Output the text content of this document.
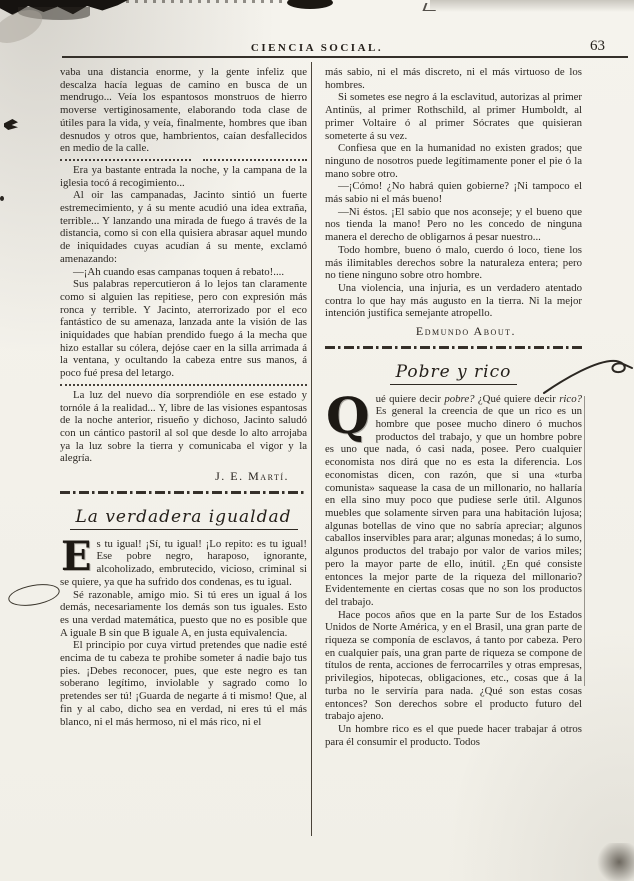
CIENCIA SOCIAL.	63

vaba una distancia enorme, y la gente infeliz que descalza hacía leguas de camino en busca de un mendrugo... Veía los espantosos monstruos de hierro moverse vertiginosamente, elaborando toda clase de útiles para la vida, y veía, finalmente, hombres que iban desnudos y otros que, hambrientos, caían desfallecidos en medio de la calle.

Era ya bastante entrada la noche, y la campana de la iglesia tocó á recogimiento...

Al oir las campanadas, Jacinto sintió un fuerte estremecimiento, y á su mente acudió una idea extraña, terrible... Y lanzando una mirada de fuego á través de la distancia, como si con ella quisiera abrasar aquel mundo de iniquidades cuyas acudían á su mente, exclamó amenazando:

—¡Ah cuando esas campanas toquen á rebato!....

Sus palabras repercutieron á lo lejos tan claramente como si alguien las repitiese, pero con expresión más ronca y terrible. Y Jacinto, aterrorizado por el eco fantástico de su amenaza, lanzada ante la visión de las iniquidades que habían prendido fuego á la mecha que hizo estallar su cólera, dejóse caer en la silla arrimada á la ventana, y ocultando la cabeza entre sus manos, á poco fué presa del letargo.

La luz del nuevo día sorprendióle en ese estado y tornóle á la realidad... Y, libre de las visiones espantosas de la noche anterior, risueño y dichoso, Jacinto saludó con un cántico pastoril al sol que desde lo alto arrojaba ya la luz sobre la tierra y comunicaba el vigor y la alegría.

J. E. Martí.
La verdadera igualdad

Es tu igual! ¡Sí, tu igual! ¡Lo repito: es tu igual! Ese pobre negro, haraposo, ignorante, alcoholizado, embrutecido, vicioso, criminal si se quiere, ya que ha sufrido dos condenas, es tu igual.

Sé razonable, amigo mio. Si tú eres un igual á los demás, necesariamente los demás son tus iguales. Esto es una verdad matemática, puesto que no es posible que A iguale B sin que B iguale A, en justa equivalencia.

El principio por cuya virtud pretendes que nadie esté encima de tu cabeza te prohibe someter á nadie bajo tus pies. ¡Debes reconocer, pues, que este negro es tan soberano legítimo, inviolable y sagrado como lo pretendes ser tú! ¡Guarda de negarte á ti mismo! Que, al fin y al cabo, dicho sea en verdad, ni eres tú el más blanco, ni el más hermoso, ni el más rico, ni el

más sabio, ni el más discreto, ni el más virtuoso de los hombres.

Si sometes ese negro á la esclavitud, autorizas al primer Antinüs, al primer Rothschild, al primer Humboldt, al primer Voltaire ó al primer Sócrates que quisieran someterte á su vez.

Confiesa que en la humanidad no existen grados; que ninguno de nosotros puede legítimamente poner el pie ó la mano sobre otro.

—¡Cómo! ¿No habrá quien gobierne? ¡Ni tampoco el más sabio ni el más bueno!

—Ni éstos. ¡El sabio que nos aconseje; y el bueno que nos tienda la mano! Pero no les concedo de ninguna manera el derecho de obligarnos á pesar nuestro...

Todo hombre, bueno ó malo, cuerdo ó loco, tiene los más ilimitables derechos sobre la naturaleza entera; pero no tiene ninguno sobre otro hombre.

Una violencia, una injuria, es un verdadero atentado contra lo que hay más augusto en la tierra. Ni la mejor intención justifica semejante atropello.

Edmundo About.
Pobre y rico

Qué quiere decir pobre? ¿Qué quiere decir rico? Es general la creencia de que un rico es un hombre que posee mucho dinero ó muchos productos del trabajo, y que un hombre pobre es uno que nada, ó casi nada, posee. Pero cualquier economista nos dirá que no es esta la diferencia. Los economistas dicen, con razón, que si una «turba comunista» saquease la casa de un millonario, no hallaría en ella sino muy poco que pudiese serle útil. Algunos muebles que solamente sirven para una habitación lujosa; algunas botellas de vino que no sabría apreciar; algunos caballos inservibles para arar; algunas monedas; á lo sumo, algunos productos del trabajo por valor de varios miles; pero la mayor parte de ello, inútil. ¿En qué consiste entonces la mejor parte de la riqueza del millonario? Evidentemente en ciertas cosas que no son los productos del trabajo.

Hace pocos años que en la parte Sur de los Estados Unidos de Norte América, y en el Brasil, una gran parte de riqueza se componía de esclavos, á tanto por cabeza. Pero en cualquier país, una gran parte de riqueza se compone de títulos de renta, acciones de ferrocarriles y otras empresas, privilegios, hipotecas, obligaciones, etc., cosas que á la turba no le serviría para nada. ¿Qué son estas cosas entonces? Son derechos sobre el producto futuro del trabajo ajeno.

Un hombre rico es el que puede hacer trabajar á otros para él consumir el producto. Todos
